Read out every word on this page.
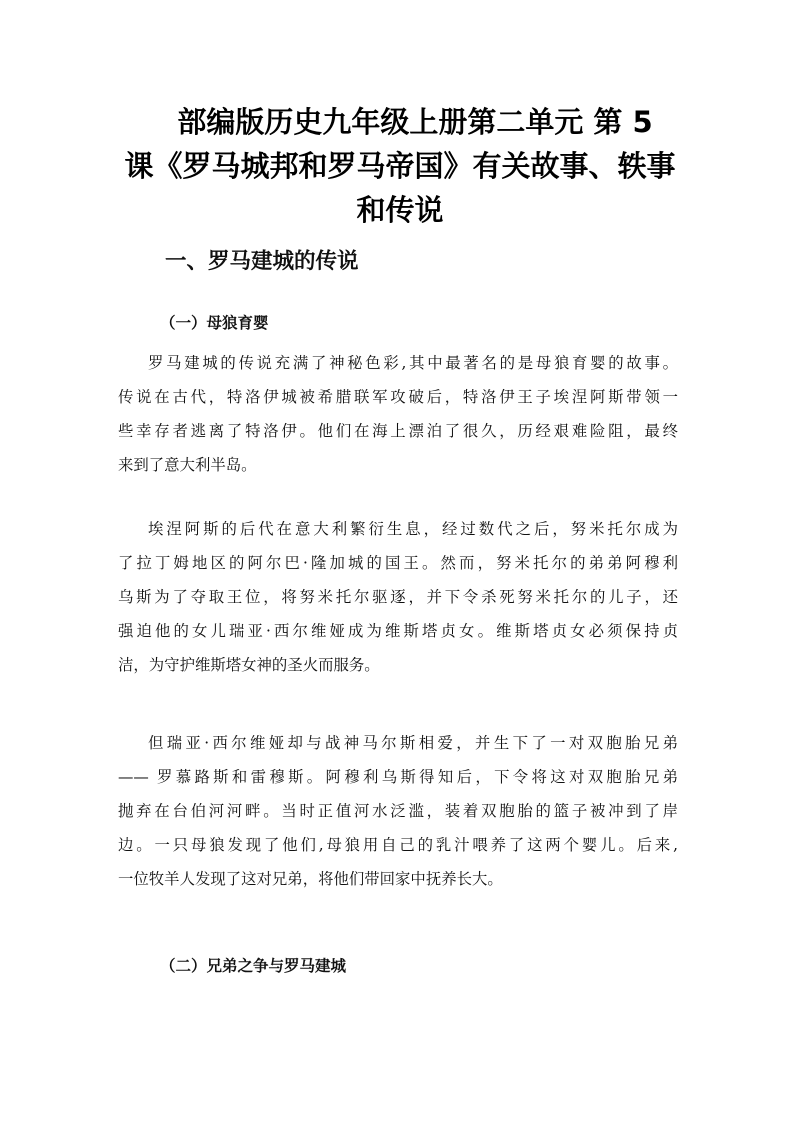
部编版历史九年级上册第二单元 第 5
课《罗马城邦和罗马帝国》有关故事、轶事
和传说
一、罗马建城的传说
（一）母狼育婴
罗马建城的传说充满了神秘色彩,其中最著名的是母狼育婴的故事。
传说在古代，特洛伊城被希腊联军攻破后，特洛伊王子埃涅阿斯带领一
些幸存者逃离了特洛伊。他们在海上漂泊了很久，历经艰难险阻，最终
来到了意大利半岛。
埃涅阿斯的后代在意大利繁衍生息，经过数代之后，努米托尔成为
了拉丁姆地区的阿尔巴·隆加城的国王。然而，努米托尔的弟弟阿穆利
乌斯为了夺取王位，将努米托尔驱逐，并下令杀死努米托尔的儿子，还
强迫他的女儿瑞亚·西尔维娅成为维斯塔贞女。维斯塔贞女必须保持贞
洁，为守护维斯塔女神的圣火而服务。
但瑞亚·西尔维娅却与战神马尔斯相爱，并生下了一对双胞胎兄弟
—— 罗慕路斯和雷穆斯。阿穆利乌斯得知后，下令将这对双胞胎兄弟
抛弃在台伯河河畔。当时正值河水泛滥，装着双胞胎的篮子被冲到了岸
边。一只母狼发现了他们,母狼用自己的乳汁喂养了这两个婴儿。后来,
一位牧羊人发现了这对兄弟，将他们带回家中抚养长大。
（二）兄弟之争与罗马建城
